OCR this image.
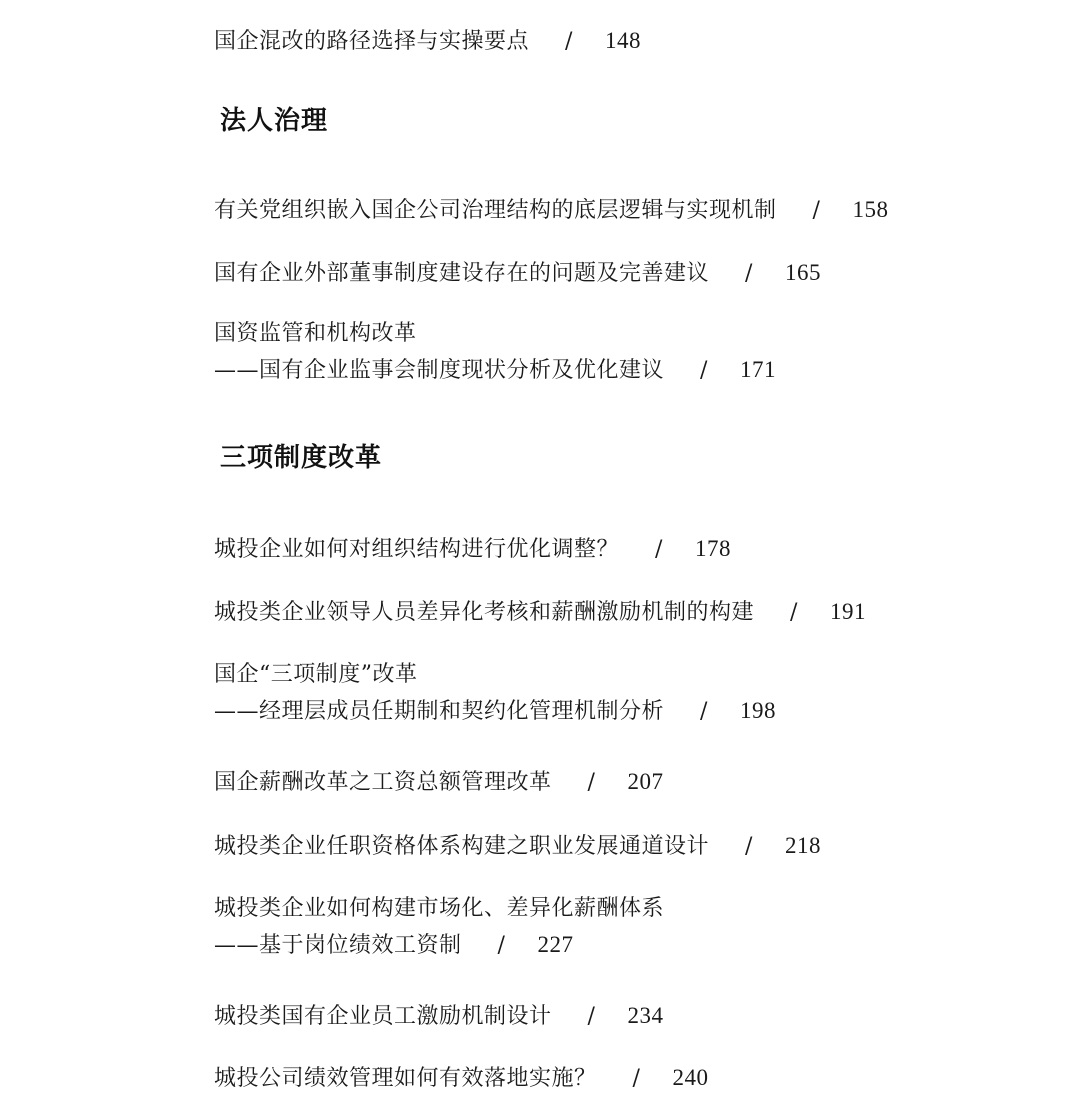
国企混改的路径选择与实操要点 / 148
法人治理
有关党组织嵌入国企公司治理结构的底层逻辑与实现机制 / 158
国有企业外部董事制度建设存在的问题及完善建议 / 165
国资监管和机构改革
——国有企业监事会制度现状分析及优化建议 / 171
三项制度改革
城投企业如何对组织结构进行优化调整？ / 178
城投类企业领导人员差异化考核和薪酬激励机制的构建 / 191
国企“三项制度”改革
——经理层成员任期制和契约化管理机制分析 / 198
国企薪酬改革之工资总额管理改革 / 207
城投类企业任职资格体系构建之职业发展通道设计 / 218
城投类企业如何构建市场化、差异化薪酬体系
——基于岗位绩效工资制 / 227
城投类国有企业员工激励机制设计 / 234
城投公司绩效管理如何有效落地实施？ / 240
